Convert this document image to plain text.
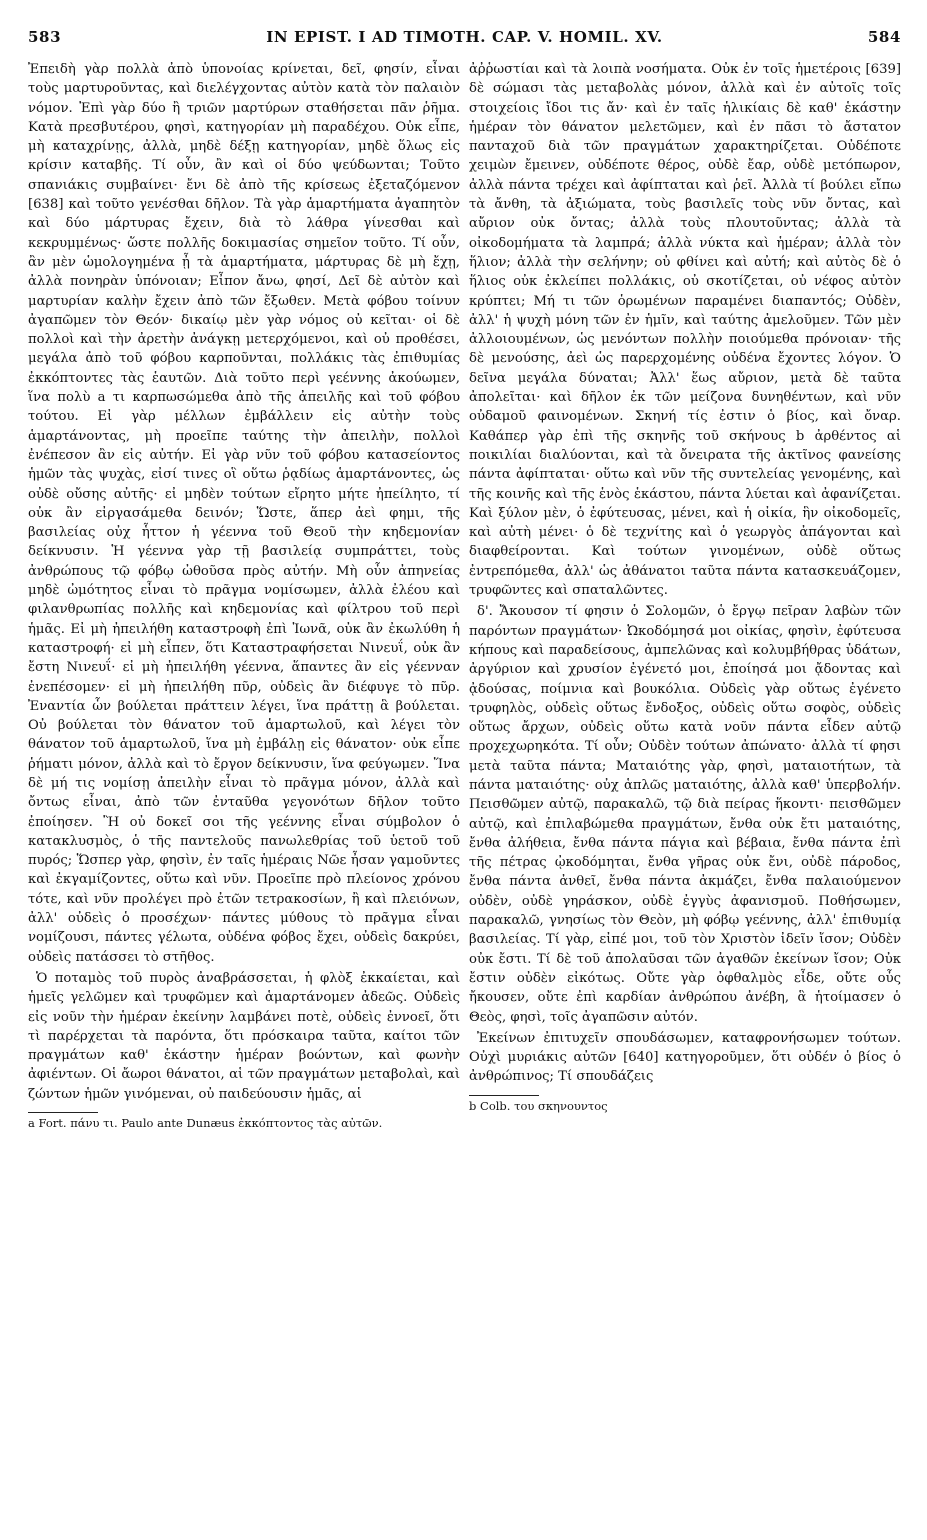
583	IN EPIST. I AD TIMOTH. CAP. V. HOMIL. XV.	584

Ἐπειδὴ γὰρ πολλὰ ἀπὸ ὑπονοίας κρίνεται, δεῖ, φησίν, εἶναι τοὺς μαρτυροῦντας, καὶ διελέγχοντας αὐτὸν κατὰ τὸν παλαιὸν νόμον. Ἐπὶ γὰρ δύο ἢ τριῶν μαρτύρων σταθήσεται πᾶν ῥῆμα. Κατὰ πρεσβυτέρου, φησὶ, κατηγορίαν μὴ παραδέχου. Οὐκ εἶπε, μὴ καταχρίνῃς, ἀλλὰ, μηδὲ δέξῃ κατηγορίαν, μηδὲ ὅλως εἰς κρίσιν καταβῆς. Τί οὖν, ἂν καὶ οἱ δύο ψεύδωνται; Τοῦτο σπανιάκις συμβαίνει· ἔνι δὲ ἀπὸ τῆς κρίσεως ἐξεταζόμενον [638] καὶ τοῦτο γενέσθαι δῆλον. Τὰ γὰρ ἁμαρτήματα ἀγαπητὸν καὶ δύο μάρτυρας ἔχειν, διὰ τὸ λάθρα γίνεσθαι καὶ κεκρυμμένως· ὥστε πολλῆς δοκιμασίας σημεῖον τοῦτο. Τί οὖν, ἂν μὲν ὡμολογημένα ᾖ τὰ ἁμαρτήματα, μάρτυρας δὲ μὴ ἔχῃ, ἀλλὰ πονηρὰν ὑπόνοιαν; Εἶπον ἄνω, φησί, Δεῖ δὲ αὐτὸν καὶ μαρτυρίαν καλὴν ἔχειν ἀπὸ τῶν ἔξωθεν. Μετὰ φόβου τοίνυν ἀγαπῶμεν τὸν Θεόν· δικαίῳ μὲν γὰρ νόμος οὐ κεῖται· οἱ δὲ πολλοὶ καὶ τὴν ἀρετὴν ἀνάγκῃ μετερχόμενοι, καὶ οὐ προθέσει, μεγάλα ἀπὸ τοῦ φόβου καρποῦνται, πολλάκις τὰς ἐπιθυμίας ἐκκόπτοντες τὰς ἑαυτῶν. Διὰ τοῦτο περὶ γεέννης ἀκούωμεν, ἵνα πολὺ a τι καρπωσώμεθα ἀπὸ τῆς ἀπειλῆς καὶ τοῦ φόβου τούτου. Εἰ γὰρ μέλλων ἐμβάλλειν εἰς αὐτὴν τοὺς ἁμαρτάνοντας, μὴ προεῖπε ταύτης τὴν ἀπειλὴν, πολλοὶ ἐνέπεσον ἂν εἰς αὐτήν. Εἰ γὰρ νῦν τοῦ φόβου κατασείοντος ἡμῶν τὰς ψυχὰς, εἰσί τινες οἳ οὕτω ῥᾳδίως ἁμαρτάνοντες, ὡς οὐδὲ οὔσης αὐτῆς· εἰ μηδὲν τούτων εἴρητο μήτε ἠπείλητο, τί οὐκ ἂν εἰργασάμεθα δεινόν; Ὥστε, ἅπερ ἀεὶ φημι, τῆς βασιλείας οὐχ ἧττον ἡ γέεννα τοῦ Θεοῦ τὴν κηδεμονίαν δείκνυσιν. Ἡ γέεννα γὰρ τῇ βασιλείᾳ συμπράττει, τοὺς ἀνθρώπους τῷ φόβῳ ὠθοῦσα πρὸς αὐτήν. Μὴ οὖν ἀπηνείας μηδὲ ὠμότητος εἶναι τὸ πρᾶγμα νομίσωμεν, ἀλλὰ ἐλέου καὶ φιλανθρωπίας πολλῆς καὶ κηδεμονίας καὶ φίλτρου τοῦ περὶ ἡμᾶς. Εἰ μὴ ἠπειλήθη καταστροφὴ ἐπὶ Ἰωνᾶ, οὐκ ἂν ἐκωλύθη ἡ καταστροφή· εἰ μὴ εἶπεν, ὅτι Καταστραφήσεται Νινευΐ, οὐκ ἂν ἔστη Νινευΐ· εἰ μὴ ἠπειλήθη γέεννα, ἅπαντες ἂν εἰς γέενναν ἐνεπέσομεν· εἰ μὴ ἠπειλήθη πῦρ, οὐδεὶς ἂν διέφυγε τὸ πῦρ. Ἐναντία ὧν βούλεται πράττειν λέγει, ἵνα πράττῃ ἃ βούλεται. Οὐ βούλεται τὸν θάνατον τοῦ ἁμαρτωλοῦ, καὶ λέγει τὸν θάνατον τοῦ ἁμαρτωλοῦ, ἵνα μὴ ἐμβάλῃ εἰς θάνατον· οὐκ εἶπε ῥήματι μόνον, ἀλλὰ καὶ τὸ ἔργον δείκνυσιν, ἵνα φεύγωμεν. Ἵνα δὲ μή τις νομίσῃ ἀπειλὴν εἶναι τὸ πρᾶγμα μόνον, ἀλλὰ καὶ ὄντως εἶναι, ἀπὸ τῶν ἐνταῦθα γεγονότων δῆλον τοῦτο ἐποίησεν. Ἢ οὐ δοκεῖ σοι τῆς γεέννης εἶναι σύμβολον ὁ κατακλυσμὸς, ὁ τῆς παντελοῦς πανωλεθρίας τοῦ ὑετοῦ τοῦ πυρός; Ὥσπερ γὰρ, φησὶν, ἐν ταῖς ἡμέραις Νῶε ἦσαν γαμοῦντες καὶ ἐκγαμίζοντες, οὕτω καὶ νῦν. Προεῖπε πρὸ πλείονος χρόνου τότε, καὶ νῦν προλέγει πρὸ ἐτῶν τετρακοσίων, ἢ καὶ πλειόνων, ἀλλ' οὐδεὶς ὁ προσέχων· πάντες μύθους τὸ πρᾶγμα εἶναι νομίζουσι, πάντες γέλωτα, οὐδένα φόβος ἔχει, οὐδεὶς δακρύει, οὐδεὶς πατάσσει τὸ στῆθος.

Ὁ ποταμὸς τοῦ πυρὸς ἀναβράσσεται, ἡ φλὸξ ἐκκαίεται, καὶ ἡμεῖς γελῶμεν καὶ τρυφῶμεν καὶ ἁμαρτάνομεν ἀδεῶς. Οὐδεὶς εἰς νοῦν τὴν ἡμέραν ἐκείνην λαμβάνει ποτὲ, οὐδεὶς ἐννοεῖ, ὅτι τὶ παρέρχεται τὰ παρόντα, ὅτι πρόσκαιρα ταῦτα, καίτοι τῶν πραγμάτων καθ' ἑκάστην ἡμέραν βοώντων, καὶ φωνὴν ἀφιέντων. Οἱ ἄωροι θάνατοι, αἱ τῶν πραγμάτων μεταβολαὶ, καὶ ζώντων ἡμῶν γινόμεναι, οὐ παιδεύουσιν ἡμᾶς, αἱ

a Fort. πάνυ τι. Paulo ante Dunæus ἐκκόπτοντος τὰς αὐτῶν.

ἀῤῥωστίαι καὶ τὰ λοιπὰ νοσήματα. Οὐκ ἐν τοῖς ἡμετέροις [639] δὲ σώμασι τὰς μεταβολὰς μόνον, ἀλλὰ καὶ ἐν αὐτοῖς τοῖς στοιχείοις ἴδοι τις ἄν· καὶ ἐν ταῖς ἡλικίαις δὲ καθ' ἑκάστην ἡμέραν τὸν θάνατον μελετῶμεν, καὶ ἐν πᾶσι τὸ ἄστατον πανταχοῦ διὰ τῶν πραγμάτων χαρακτηρίζεται. Οὐδέποτε χειμὼν ἔμεινεν, οὐδέποτε θέρος, οὐδὲ ἔαρ, οὐδὲ μετόπωρον, ἀλλὰ πάντα τρέχει καὶ ἀφίπταται καὶ ῥεῖ. Ἀλλὰ τί βούλει εἴπω τὰ ἄνθη, τὰ ἀξιώματα, τοὺς βασιλεῖς τοὺς νῦν ὄντας, καὶ αὔριον οὐκ ὄντας; ἀλλὰ τοὺς πλουτοῦντας; ἀλλὰ τὰ οἰκοδομήματα τὰ λαμπρά; ἀλλὰ νύκτα καὶ ἡμέραν; ἀλλὰ τὸν ἥλιον; ἀλλὰ τὴν σελήνην; οὐ φθίνει καὶ αὐτή; καὶ αὐτὸς δὲ ὁ ἥλιος οὐκ ἐκλείπει πολλάκις, οὐ σκοτίζεται, οὐ νέφος αὐτὸν κρύπτει; Μή τι τῶν ὁρωμένων παραμένει διαπαντός; Οὐδὲν, ἀλλ' ἡ ψυχὴ μόνη τῶν ἐν ἡμῖν, καὶ ταύτης ἀμελοῦμεν. Τῶν μὲν ἀλλοιουμένων, ὡς μενόντων πολλὴν ποιούμεθα πρόνοιαν· τῆς δὲ μενούσης, ἀεὶ ὡς παρερχομένης οὐδένα ἔχοντες λόγον. Ὁ δεῖνα μεγάλα δύναται; Ἀλλ' ἕως αὔριον, μετὰ δὲ ταῦτα ἀπολεῖται· καὶ δῆλον ἐκ τῶν μείζονα δυνηθέντων, καὶ νῦν οὐδαμοῦ φαινομένων. Σκηνή τίς ἐστιν ὁ βίος, καὶ ὄναρ. Καθάπερ γὰρ ἐπὶ τῆς σκηνῆς τοῦ σκήνους b ἀρθέντος αἱ ποικιλίαι διαλύονται, καὶ τὰ ὄνειρατα τῆς ἀκτῖνος φανείσης πάντα ἀφίπταται· οὕτω καὶ νῦν τῆς συντελείας γενομένης, καὶ τῆς κοινῆς καὶ τῆς ἑνὸς ἑκάστου, πάντα λύεται καὶ ἀφανίζεται. Καὶ ξύλον μὲν, ὁ ἐφύτευσας, μένει, καὶ ἡ οἰκία, ἣν οἰκοδομεῖς, καὶ αὐτὴ μένει· ὁ δὲ τεχνίτης καὶ ὁ γεωργὸς ἀπάγονται καὶ διαφθείρονται. Καὶ τούτων γινομένων, οὐδὲ οὕτως ἐντρεπόμεθα, ἀλλ' ὡς ἀθάνατοι ταῦτα πάντα κατασκευάζομεν, τρυφῶντες καὶ σπαταλῶντες.

δ'. Ἄκουσον τί φησιν ὁ Σολομῶν, ὁ ἔργῳ πεῖραν λαβὼν τῶν παρόντων πραγμάτων· Ὠκοδόμησά μοι οἰκίας, φησὶν, ἐφύτευσα κήπους καὶ παραδείσους, ἀμπελῶνας καὶ κολυμβήθρας ὑδάτων, ἀργύριον καὶ χρυσίον ἐγένετό μοι, ἐποίησά μοι ᾄδοντας καὶ ᾀδούσας, ποίμνια καὶ βουκόλια. Οὐδεὶς γὰρ οὕτως ἐγένετο τρυφηλὸς, οὐδεὶς οὕτως ἔνδοξος, οὐδεὶς οὕτω σοφὸς, οὐδεὶς οὕτως ἄρχων, οὐδεὶς οὕτω κατὰ νοῦν πάντα εἶδεν αὐτῷ προχεχωρηκότα. Τί οὖν; Οὐδὲν τούτων ἀπώνατο· ἀλλὰ τί φησι μετὰ ταῦτα πάντα; Ματαιότης γὰρ, φησὶ, ματαιοτήτων, τὰ πάντα ματαιότης· οὐχ ἁπλῶς ματαιότης, ἀλλὰ καθ' ὑπερβολήν. Πεισθῶμεν αὐτῷ, παρακαλῶ, τῷ διὰ πείρας ἥκοντι· πεισθῶμεν αὐτῷ, καὶ ἐπιλαβώμεθα πραγμάτων, ἔνθα οὐκ ἔτι ματαιότης, ἔνθα ἀλήθεια, ἔνθα πάντα πάγια καὶ βέβαια, ἔνθα πάντα ἐπὶ τῆς πέτρας ᾠκοδόμηται, ἔνθα γῆρας οὐκ ἔνι, οὐδὲ πάροδος, ἔνθα πάντα ἀνθεῖ, ἔνθα πάντα ἀκμάζει, ἔνθα παλαιούμενον οὐδὲν, οὐδὲ γηράσκον, οὐδὲ ἐγγὺς ἀφανισμοῦ. Ποθήσωμεν, παρακαλῶ, γνησίως τὸν Θεὸν, μὴ φόβῳ γεέννης, ἀλλ' ἐπιθυμίᾳ βασιλείας. Τί γὰρ, εἰπέ μοι, τοῦ τὸν Χριστὸν ἰδεῖν ἴσον; Οὐδὲν οὐκ ἔστι. Τί δὲ τοῦ ἀπολαῦσαι τῶν ἀγαθῶν ἐκείνων ἴσον; Οὐκ ἔστιν οὐδὲν εἰκότως. Οὔτε γὰρ ὀφθαλμὸς εἶδε, οὔτε οὖς ἤκουσεν, οὔτε ἐπὶ καρδίαν ἀνθρώπου ἀνέβη, ἃ ἡτοίμασεν ὁ Θεὸς, φησὶ, τοῖς ἀγαπῶσιν αὐτόν.

Ἐκείνων ἐπιτυχεῖν σπουδάσωμεν, καταφρονήσωμεν τούτων. Οὐχὶ μυριάκις αὐτῶν [640] κατηγοροῦμεν, ὅτι οὐδέν ὁ βίος ὁ ἀνθρώπινος; Τί σπουδάζεις

b Colb. του σκηνουντος
